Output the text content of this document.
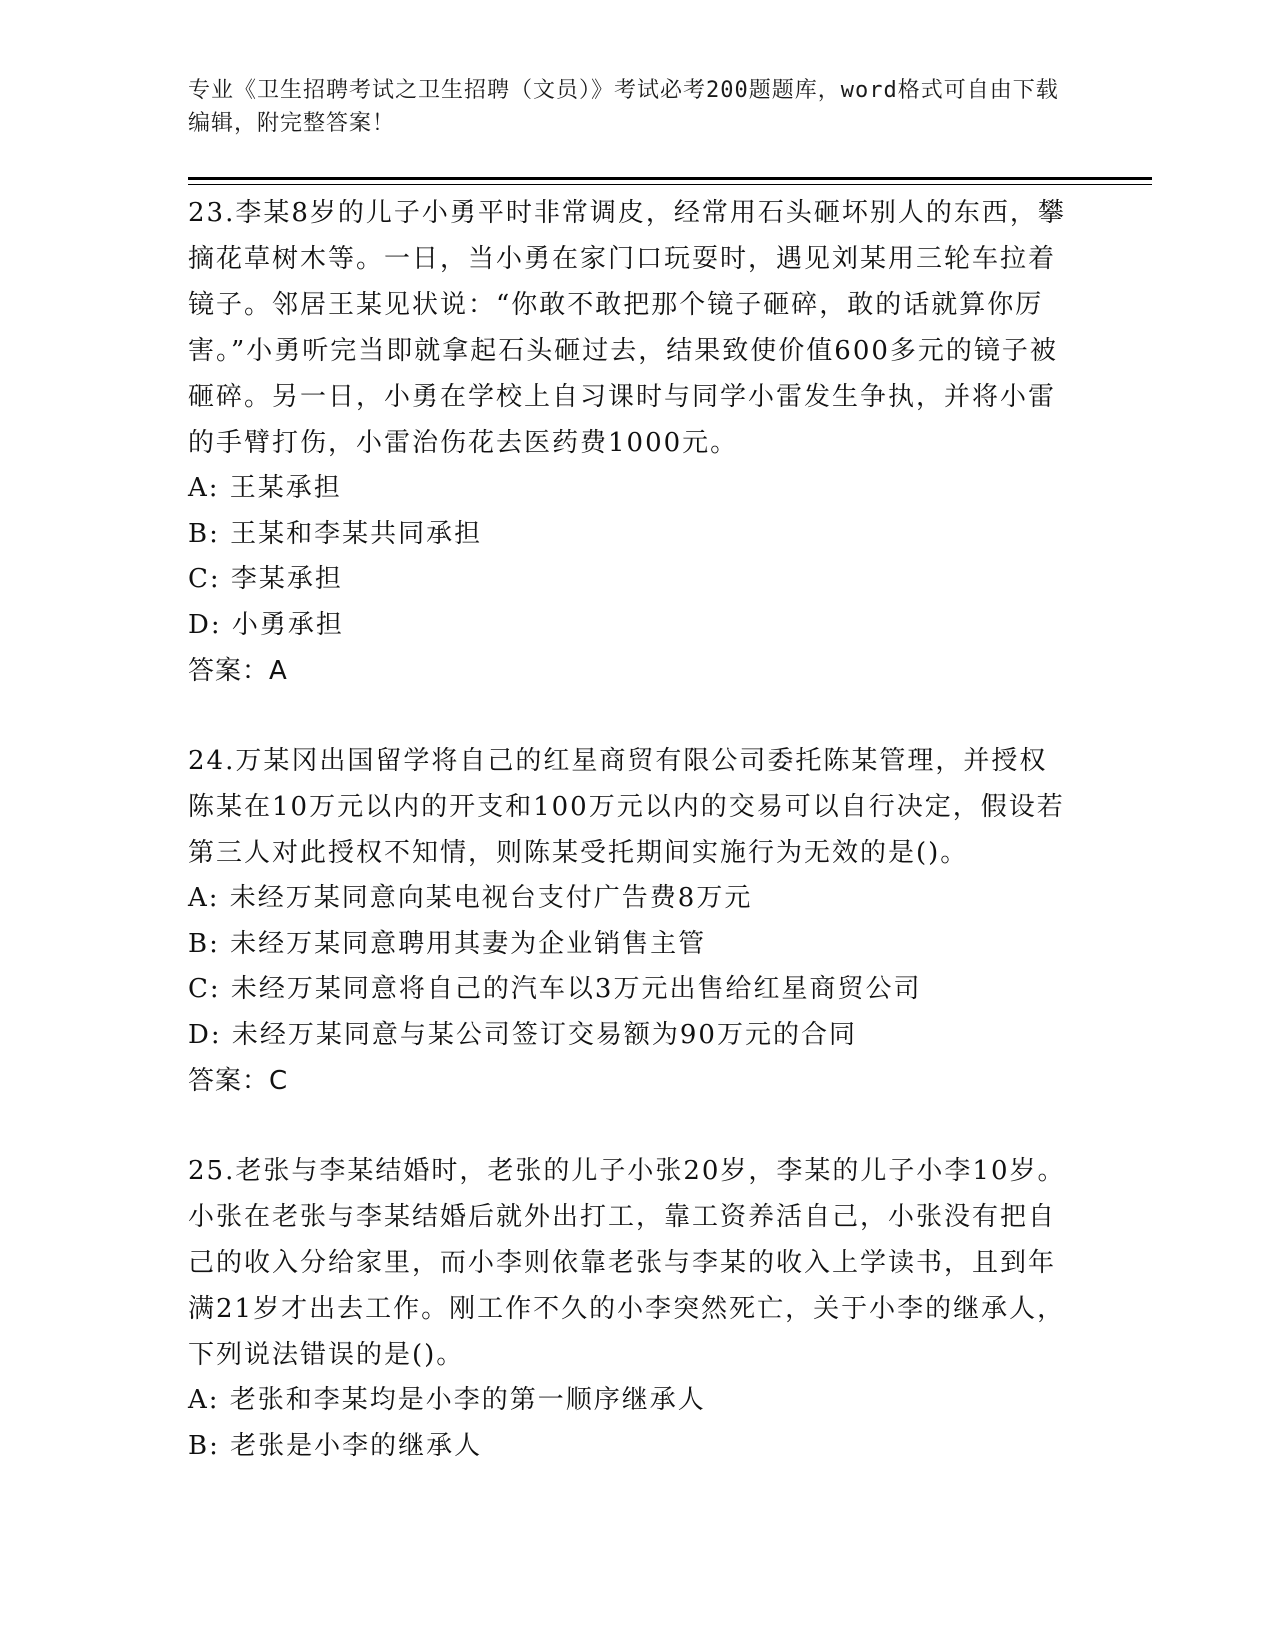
专业《卫生招聘考试之卫生招聘（文员）》考试必考200题题库，word格式可自由下载编辑，附完整答案！

23.李某8岁的儿子小勇平时非常调皮，经常用石头砸坏别人的东西，攀摘花草树木等。一日，当小勇在家门口玩耍时，遇见刘某用三轮车拉着镜子。邻居王某见状说：“你敢不敢把那个镜子砸碎，敢的话就算你厉害。”小勇听完当即就拿起石头砸过去，结果致使价值600多元的镜子被砸碎。另一日，小勇在学校上自习课时与同学小雷发生争执，并将小雷的手臂打伤，小雷治伤花去医药费1000元。

A: 王某承担

B: 王某和李某共同承担

C: 李某承担

D: 小勇承担

答案：A

24.万某冈出国留学将自己的红星商贸有限公司委托陈某管理，并授权陈某在10万元以内的开支和100万元以内的交易可以自行决定，假设若第三人对此授权不知情，则陈某受托期间实施行为无效的是()。

A: 未经万某同意向某电视台支付广告费8万元

B: 未经万某同意聘用其妻为企业销售主管

C: 未经万某同意将自己的汽车以3万元出售给红星商贸公司

D: 未经万某同意与某公司签订交易额为90万元的合同

答案：C

25.老张与李某结婚时，老张的儿子小张20岁，李某的儿子小李10岁。小张在老张与李某结婚后就外出打工，靠工资养活自己，小张没有把自己的收入分给家里，而小李则依靠老张与李某的收入上学读书，且到年满21岁才出去工作。刚工作不久的小李突然死亡，关于小李的继承人，下列说法错误的是()。

A: 老张和李某均是小李的第一顺序继承人

B: 老张是小李的继承人
